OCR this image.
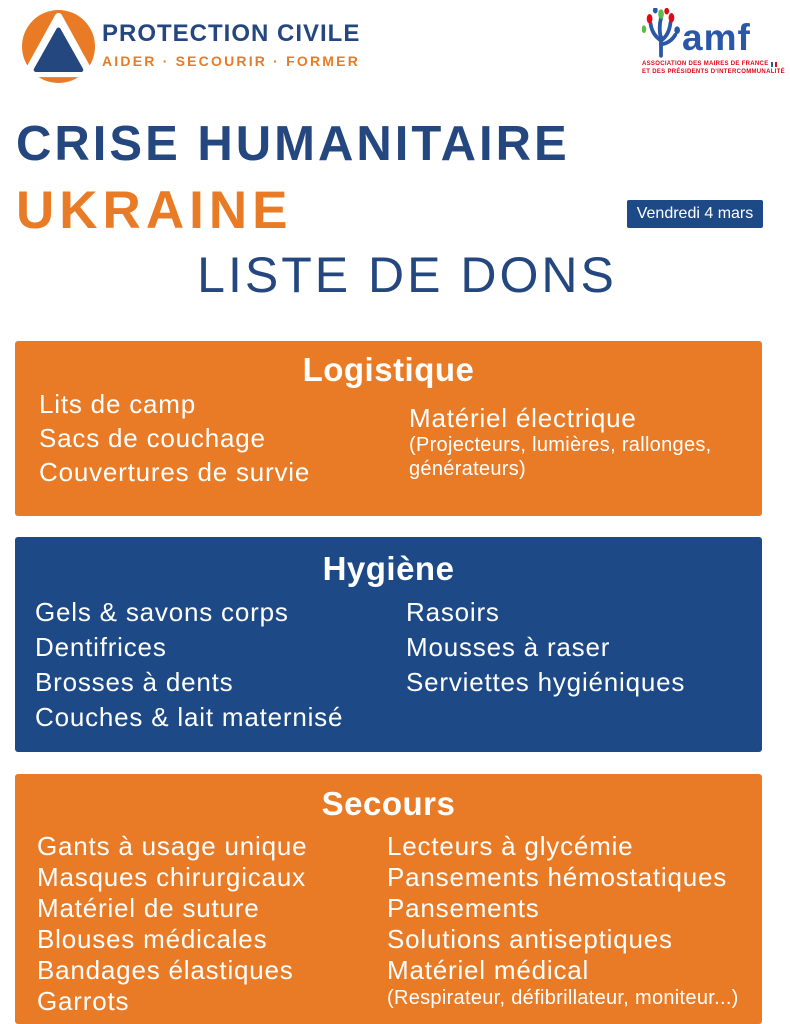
PROTECTION CIVILE
AIDER · SECOURIR · FORMER
amf
ASSOCIATION DES MAIRES DE FRANCE
ET DES PRÉSIDENTS D'INTERCOMMUNALITÉ
CRISE HUMANITAIRE
UKRAINE	Vendredi 4 mars
LISTE DE DONS
Logistique
Lits de camp
Sacs de couchage
Couvertures de survie
Matériel électrique
(Projecteurs, lumières, rallonges, générateurs)
Hygiène
Gels & savons corps
Dentifrices
Brosses à dents
Couches & lait maternisé
Rasoirs
Mousses à raser
Serviettes hygiéniques
Secours
Gants à usage unique
Masques chirurgicaux
Matériel de suture
Blouses médicales
Bandages élastiques
Garrots
Lecteurs à glycémie
Pansements hémostatiques
Pansements
Solutions antiseptiques
Matériel médical
(Respirateur, défibrillateur, moniteur...)
